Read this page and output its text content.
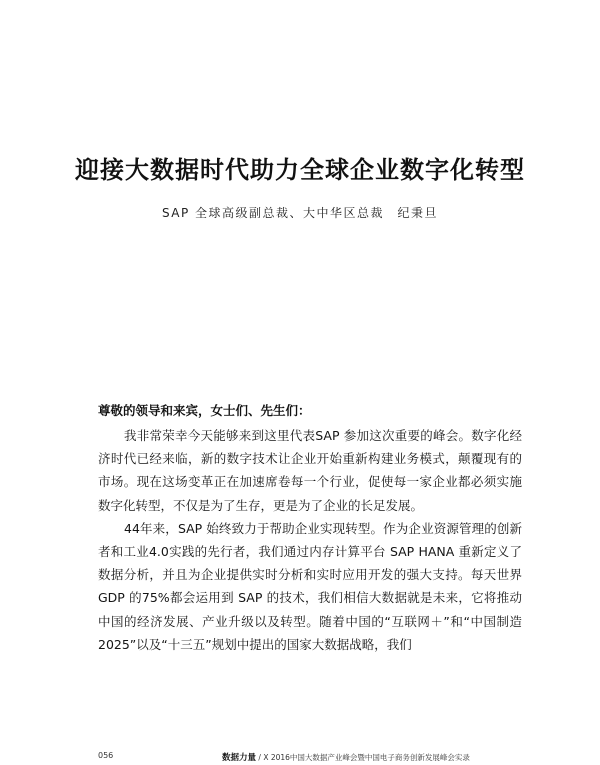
迎接大数据时代助力全球企业数字化转型

SAP 全球高级副总裁、大中华区总裁　纪秉旦

尊敬的领导和来宾，女士们、先生们：

我非常荣幸今天能够来到这里代表SAP 参加这次重要的峰会。数字化经济时代已经来临，新的数字技术让企业开始重新构建业务模式，颠覆现有的市场。现在这场变革正在加速席卷每一个行业，促使每一家企业都必须实施数字化转型，不仅是为了生存，更是为了企业的长足发展。

44年来，SAP 始终致力于帮助企业实现转型。作为企业资源管理的创新者和工业4.0实践的先行者，我们通过内存计算平台 SAP HANA 重新定义了数据分析，并且为企业提供实时分析和实时应用开发的强大支持。每天世界 GDP 的75%都会运用到 SAP 的技术，我们相信大数据就是未来，它将推动中国的经济发展、产业升级以及转型。随着中国的“互联网＋”和“中国制造2025”以及“十三五”规划中提出的国家大数据战略，我们

056	数据力量 / X 2016中国大数据产业峰会暨中国电子商务创新发展峰会实录
